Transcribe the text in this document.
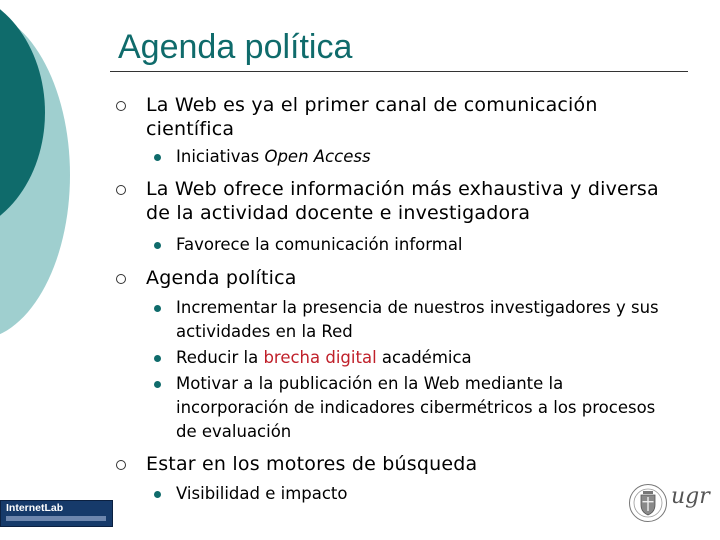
Agenda política
La Web es ya el primer canal de comunicación científica
Iniciativas Open Access
La Web ofrece información más exhaustiva y diversa de la actividad docente e investigadora
Favorece la comunicación informal
Agenda política
Incrementar la presencia de nuestros investigadores y sus actividades en la Red
Reducir la brecha digital académica
Motivar a la publicación en la Web mediante la incorporación de indicadores cibermétricos a los procesos de evaluación
Estar en los motores de búsqueda
Visibilidad e impacto
InternetLab	ugr
